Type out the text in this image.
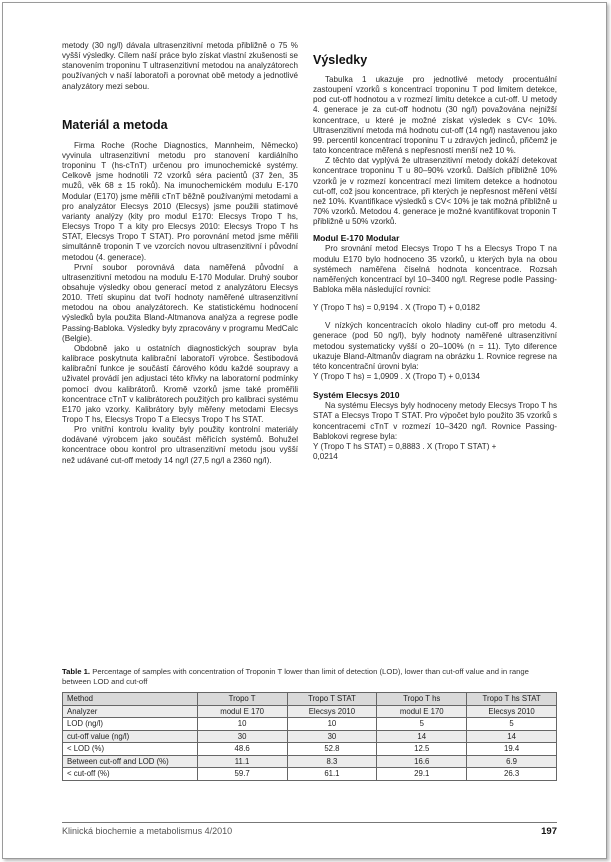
metody (30 ng/l) dávala ultrasenzitivní metoda přibližně o 75 % vyšší výsledky. Cílem naší práce bylo získat vlastní zkušenosti se stanovením troponinu T ultrasenzitivní metodou na analyzátorech používaných v naší laboratoři a porovnat obě metody a jednotlivé analyzátory mezi sebou.

Materiál a metoda

Firma Roche (Roche Diagnostics, Mannheim, Německo) vyvinula ultrasenzitivní metodu pro stanovení kardiálního troponinu T (hs-cTnT) určenou pro imunochemické systémy. Celkově jsme hodnotili 72 vzorků séra pacientů (37 žen, 35 mužů, věk 68 ± 15 roků). Na imunochemickém modulu E-170 Modular (E170) jsme měřili cTnT běžně používanými metodami a pro analyzátor Elecsys 2010 (Elecsys) jsme použili statimové varianty analýzy (kity pro modul E170: Elecsys Tropo T hs, Elecsys Tropo T a kity pro Elecsys 2010: Elecsys Tropo T hs STAT, Elecsys Tropo T STAT). Pro porovnání metod jsme měřili simultánně troponin T ve vzorcích novou ultrasenzitivní i původní metodou (4. generace).

První soubor porovnává data naměřená původní a ultrasenzitivní metodou na modulu E-170 Modular. Druhý soubor obsahuje výsledky obou generací metod z analyzátoru Elecsys 2010. Třetí skupinu dat tvoří hodnoty naměřené ultrasenzitivní metodou na obou analyzátorech. Ke statistickému hodnocení výsledků byla použita Bland-Altmanova analýza a regrese podle Passing-Babloka. Výsledky byly zpracovány v programu MedCalc (Belgie).

Obdobně jako u ostatních diagnostických souprav byla kalibrace poskytnuta kalibrační laboratoří výrobce. Šestibodová kalibrační funkce je součástí čárového kódu každé soupravy a uživatel provádí jen adjustaci této křivky na laboratorní podmínky pomocí dvou kalibrátorů. Kromě vzorků jsme také proměřili koncentrace cTnT v kalibrátorech použitých pro kalibraci systému E170 jako vzorky. Kalibrátory byly měřeny metodami Elecsys Tropo T hs, Elecsys Tropo T a Elecsys Tropo T hs STAT.

Pro vnitřní kontrolu kvality byly použity kontrolní materiály dodávané výrobcem jako součást měřicích systémů. Bohužel koncentrace obou kontrol pro ultrasenzitivní metodu jsou vyšší než udávané cut-off metody 14 ng/l (27,5 ng/l a 2360 ng/l).

Výsledky

Tabulka 1 ukazuje pro jednotlivé metody procentuální zastoupení vzorků s koncentrací troponinu T pod limitem detekce, pod cut-off hodnotou a v rozmezí limitu detekce a cut-off. U metody 4. generace je za cut-off hodnotu (30 ng/l) považována nejnižší koncentrace, u které je možné získat výsledek s CV< 10%. Ultrasenzitivní metoda má hodnotu cut-off (14 ng/l) nastavenou jako 99. percentil koncentrací troponinu T u zdravých jedinců, přičemž je tato koncentrace měřená s nepřesností menší než 10 %.

Z těchto dat vyplývá že ultrasenzitivní metody dokáží detekovat koncentrace troponinu T u 80–90% vzorků. Dalších přibližně 10% vzorků je v rozmezí koncentrací mezi limitem detekce a hodnotou cut-off, což jsou koncentrace, při kterých je nepřesnost měření větší než 10%. Kvantifikace výsledků s CV< 10% je tak možná přibližně u 70% vzorků. Metodou 4. generace je možné kvantifikovat troponin T přibližně u 50% vzorků.

Modul E-170 Modular

Pro srovnání metod Elecsys Tropo T hs a Elecsys Tropo T na modulu E170 bylo hodnoceno 35 vzorků, u kterých byla na obou systémech naměřena číselná hodnota koncentrace. Rozsah naměřených koncentrací byl 10–3400 ng/l. Regrese podle Passing-Babloka měla následující rovnici:

Y (Tropo T hs) = 0,9194 . X (Tropo T) + 0,0182

V nízkých koncentracích okolo hladiny cut-off pro metodu 4. generace (pod 50 ng/l), byly hodnoty naměřené ultrasenzitivní metodou systematicky vyšší o 20–100% (n = 11). Tyto diference ukazuje Bland-Altmanův diagram na obrázku 1. Rovnice regrese na této koncentrační úrovni byla:

Y (Tropo T hs) = 1,0909 . X (Tropo T) + 0,0134

Systém Elecsys 2010

Na systému Elecsys byly hodnoceny metody Elecsys Tropo T hs STAT a Elecsys Tropo T STAT. Pro výpočet bylo použito 35 vzorků s koncentracemi cTnT v rozmezí 10–3420 ng/l. Rovnice Passing-Bablokovi regrese byla:

Y (Tropo T hs STAT) = 0,8883 . X (Tropo T STAT) +

0,0214

Table 1. Percentage of samples with concentration of Troponin T lower than limit of detection (LOD), lower than cut-off value and in range between LOD and cut-off
Method	Tropo T	Tropo T STAT	Tropo T hs	Tropo T hs STAT
Analyzer	modul E 170	Elecsys 2010	modul E 170	Elecsys 2010
LOD (ng/l)	10	10	5	5
cut-off value (ng/l)	30	30	14	14
< LOD (%)	48.6	52.8	12.5	19.4
Between cut-off and LOD (%)	11.1	8.3	16.6	6.9
< cut-off (%)	59.7	61.1	29.1	26.3
Klinická biochemie a metabolismus 4/2010	197
